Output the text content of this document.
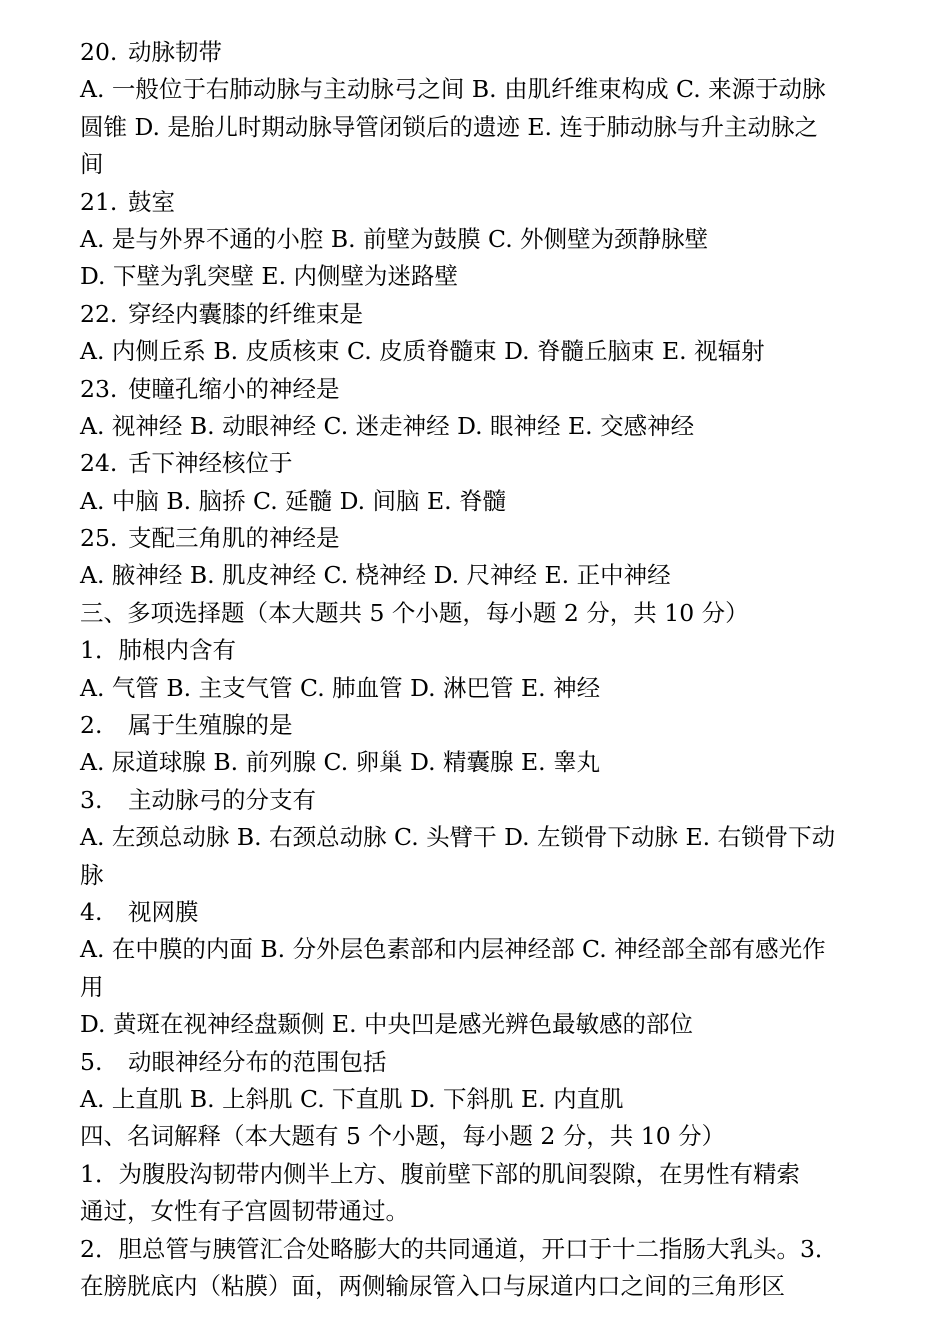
20. 动脉韧带
A. 一般位于右肺动脉与主动脉弓之间 B. 由肌纤维束构成 C. 来源于动脉
圆锥 D. 是胎儿时期动脉导管闭锁后的遗迹 E. 连于肺动脉与升主动脉之
间
21. 鼓室
A. 是与外界不通的小腔 B. 前壁为鼓膜 C. 外侧壁为颈静脉壁
D. 下壁为乳突壁 E. 内侧壁为迷路壁
22. 穿经内囊膝的纤维束是
A. 内侧丘系 B. 皮质核束 C. 皮质脊髓束 D. 脊髓丘脑束 E. 视辐射
23. 使瞳孔缩小的神经是
A. 视神经 B. 动眼神经 C. 迷走神经 D. 眼神经 E. 交感神经
24. 舌下神经核位于
A. 中脑 B. 脑挢 C. 延髓 D. 间脑 E. 脊髓
25. 支配三角肌的神经是
A. 腋神经 B. 肌皮神经 C. 桡神经 D. 尺神经 E. 正中神经
三、多项选择题（本大题共 5 个小题，每小题 2 分，共 10 分）
1．肺根内含有
A. 气管 B. 主支气管 C. 肺血管 D. 淋巴管 E. 神经
2. 属于生殖腺的是
A. 尿道球腺 B. 前列腺 C. 卵巢 D. 精囊腺 E. 睾丸
3. 主动脉弓的分支有
A. 左颈总动脉 B. 右颈总动脉 C. 头臂干 D. 左锁骨下动脉 E. 右锁骨下动
脉
4. 视网膜
A. 在中膜的内面 B. 分外层色素部和内层神经部 C. 神经部全部有感光作
用
D. 黄斑在视神经盘颞侧 E. 中央凹是感光辨色最敏感的部位
5. 动眼神经分布的范围包括
A. 上直肌 B. 上斜肌 C. 下直肌 D. 下斜肌 E. 内直肌
四、名词解释（本大题有 5 个小题，每小题 2 分，共 10 分）
1．为腹股沟韧带内侧半上方、腹前壁下部的肌间裂隙，在男性有精索
通过，女性有子宫圆韧带通过。
2．胆总管与胰管汇合处略膨大的共同通道，开口于十二指肠大乳头。3．
在膀胱底内（粘膜）面，两侧输尿管入口与尿道内口之间的三角形区
